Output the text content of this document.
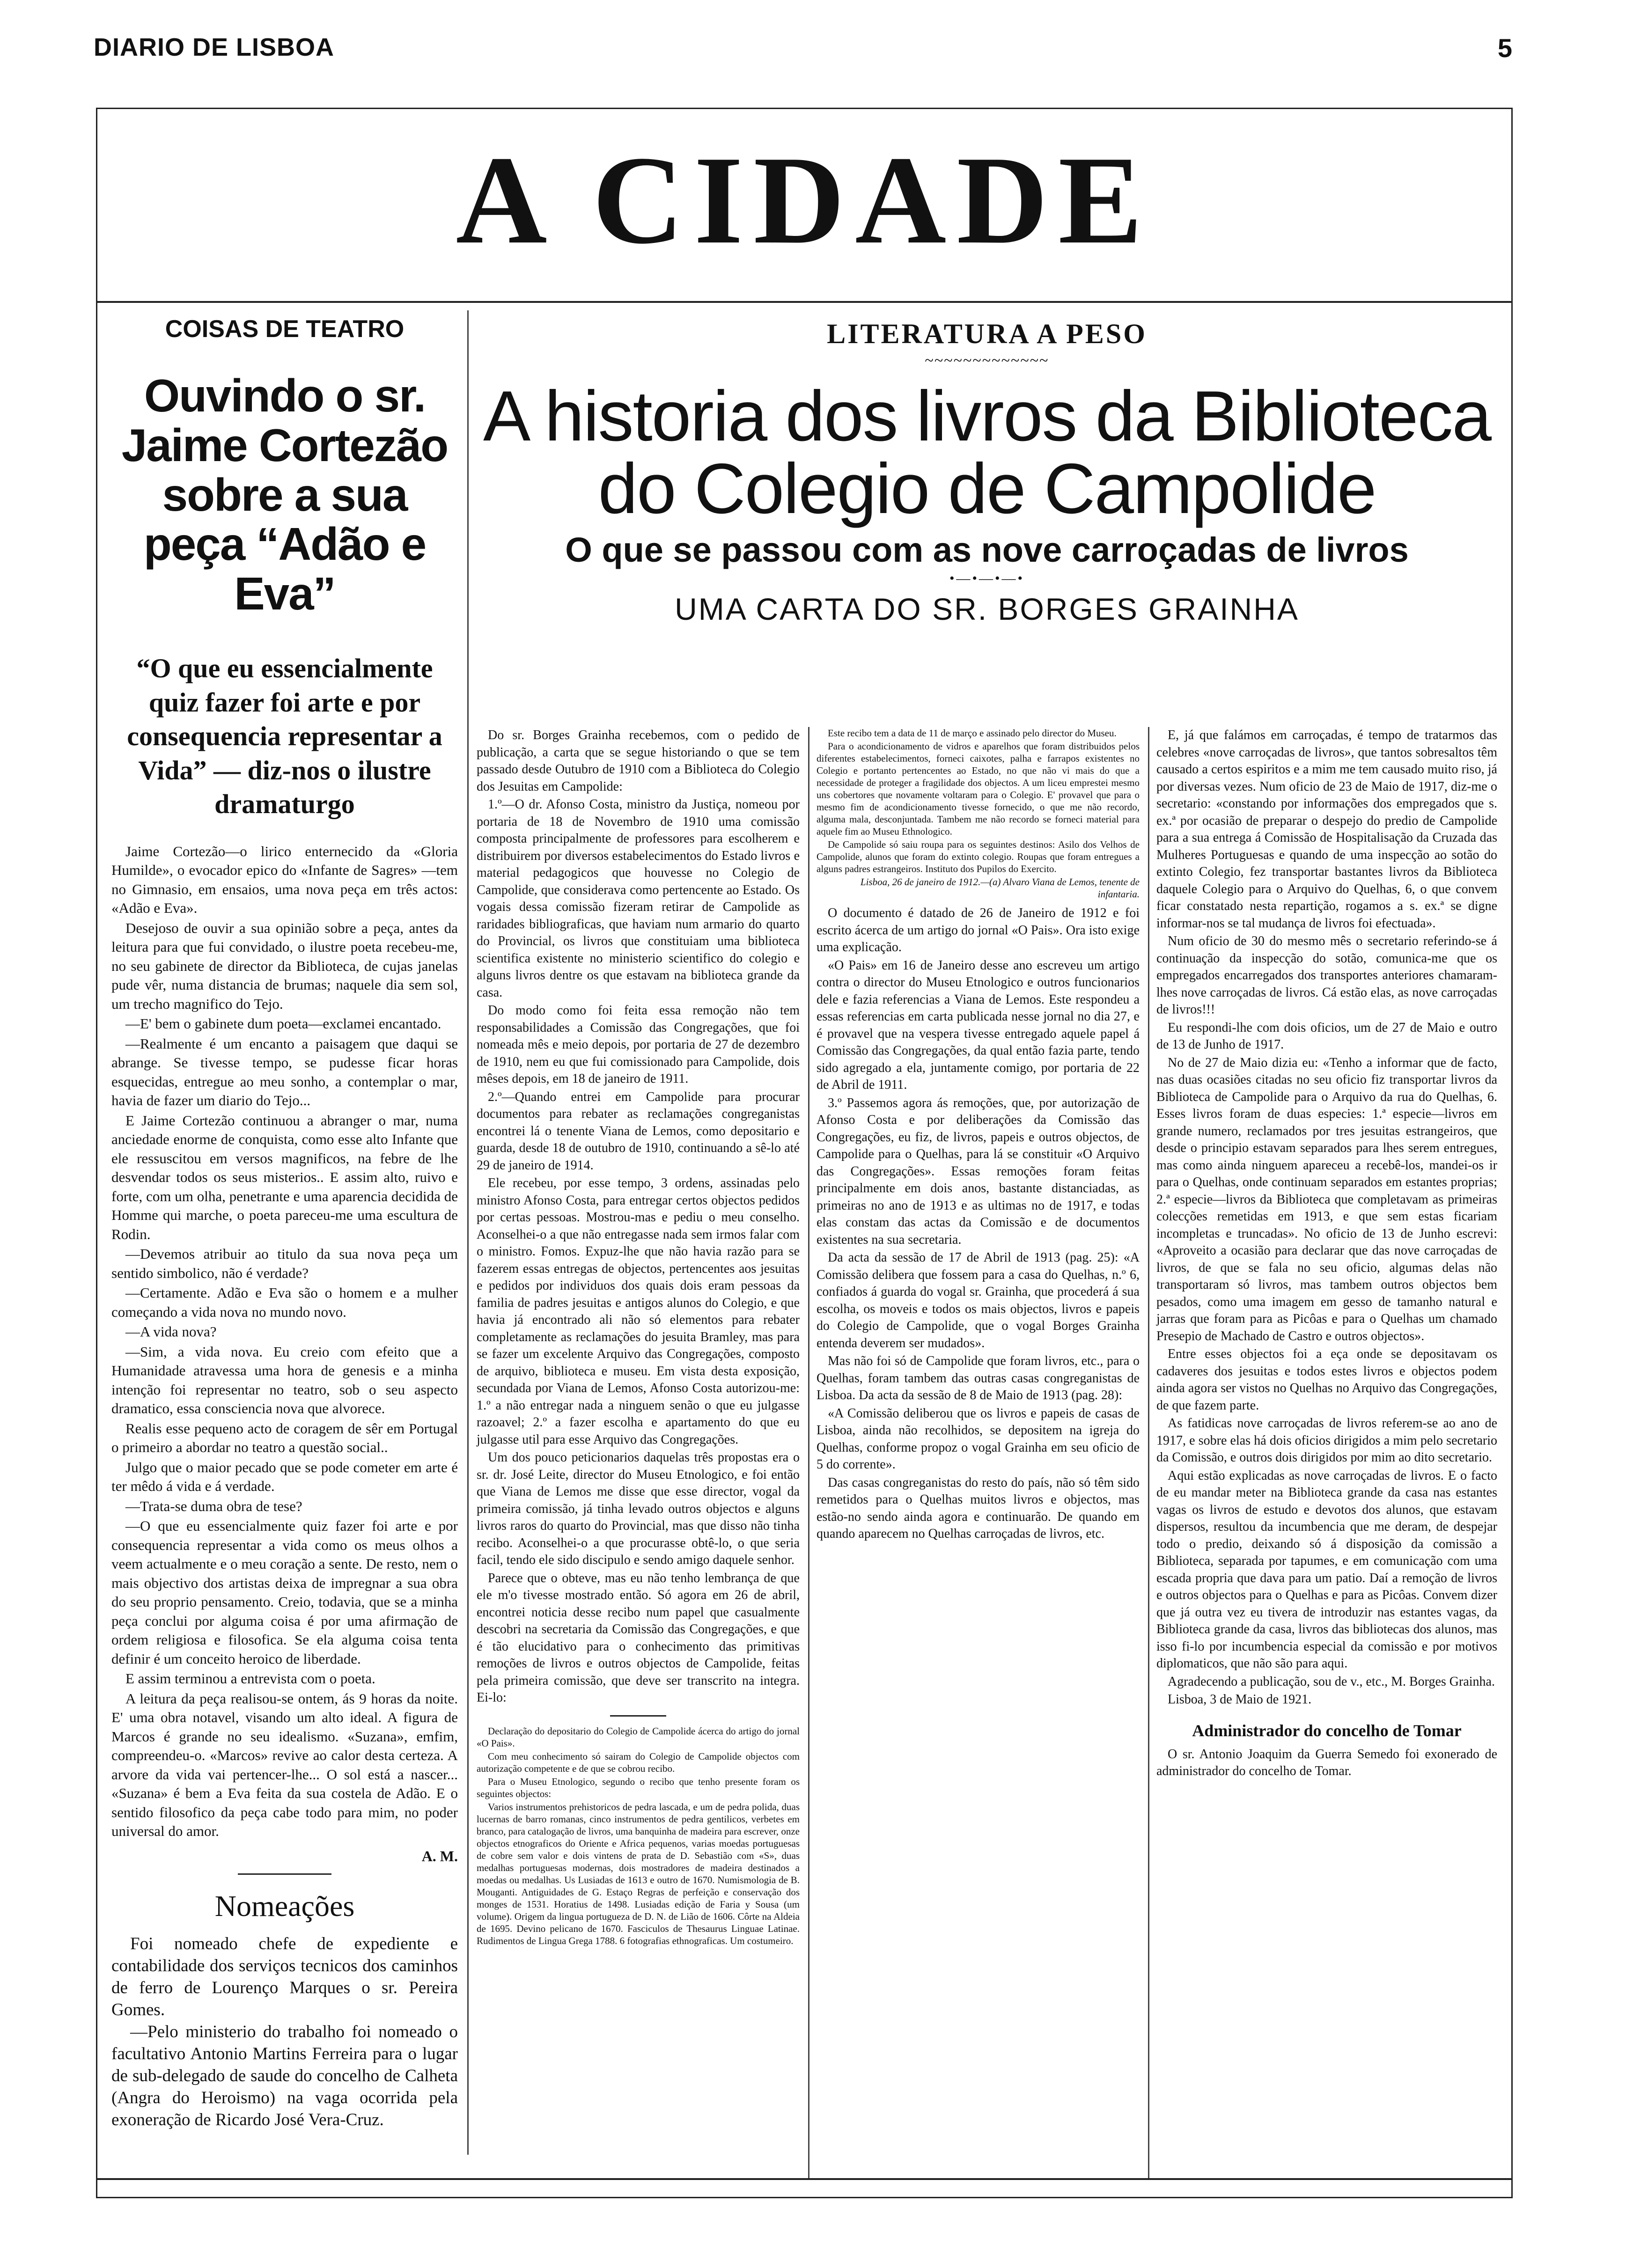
DIARIO DE LISBOA	5
A CIDADE
COISAS DE TEATRO
Ouvindo o sr. Jaime Cortezão sobre a sua peça “Adão e Eva”
“O que eu essencialmente quiz fazer foi arte e por consequencia representar a Vida” — diz-nos o ilustre dramaturgo

Jaime Cortezão—o lirico enternecido da «Gloria Humilde», o evocador epico do «Infante de Sagres» —tem no Gimnasio, em ensaios, uma nova peça em três actos: «Adão e Eva».

Desejoso de ouvir a sua opinião sobre a peça, antes da leitura para que fui convidado, o ilustre poeta recebeu-me, no seu gabinete de director da Biblioteca, de cujas janelas pude vêr, numa distancia de brumas; naquele dia sem sol, um trecho magnifico do Tejo.

—E' bem o gabinete dum poeta—exclamei encantado.

—Realmente é um encanto a paisagem que daqui se abrange. Se tivesse tempo, se pudesse ficar horas esquecidas, entregue ao meu sonho, a contemplar o mar, havia de fazer um diario do Tejo...

E Jaime Cortezão continuou a abranger o mar, numa anciedade enorme de conquista, como esse alto Infante que ele ressuscitou em versos magnificos, na febre de lhe desvendar todos os seus misterios.. E assim alto, ruivo e forte, com um olha, penetrante e uma aparencia decidida de Homme qui marche, o poeta pareceu-me uma escultura de Rodin.

—Devemos atribuir ao titulo da sua nova peça um sentido simbolico, não é verdade?

—Certamente. Adão e Eva são o homem e a mulher começando a vida nova no mundo novo.

—A vida nova?

—Sim, a vida nova. Eu creio com efeito que a Humanidade atravessa uma hora de genesis e a minha intenção foi representar no teatro, sob o seu aspecto dramatico, essa consciencia nova que alvorece.

Realis esse pequeno acto de coragem de sêr em Portugal o primeiro a abordar no teatro a questão social..

Julgo que o maior pecado que se pode cometer em arte é ter mêdo á vida e á verdade.

—Trata-se duma obra de tese?

—O que eu essencialmente quiz fazer foi arte e por consequencia representar a vida como os meus olhos a veem actualmente e o meu coração a sente. De resto, nem o mais objectivo dos artistas deixa de impregnar a sua obra do seu proprio pensamento. Creio, todavia, que se a minha peça conclui por alguma coisa é por uma afirmação de ordem religiosa e filosofica. Se ela alguma coisa tenta definir é um conceito heroico de liberdade.

E assim terminou a entrevista com o poeta.

A leitura da peça realisou-se ontem, ás 9 horas da noite. E' uma obra notavel, visando um alto ideal. A figura de Marcos é grande no seu idealismo. «Suzana», emfim, compreendeu-o. «Marcos» revive ao calor desta certeza. A arvore da vida vai pertencer-lhe... O sol está a nascer... «Suzana» é bem a Eva feita da sua costela de Adão. E o sentido filosofico da peça cabe todo para mim, no poder universal do amor.

A. M.
Nomeações

Foi nomeado chefe de expediente e contabilidade dos serviços tecnicos dos caminhos de ferro de Lourenço Marques o sr. Pereira Gomes.

—Pelo ministerio do trabalho foi nomeado o facultativo Antonio Martins Ferreira para o lugar de sub-delegado de saude do concelho de Calheta (Angra do Heroismo) na vaga ocorrida pela exoneração de Ricardo José Vera-Cruz.

LITERATURA A PESO
~~~~~~~~~~~~~
A historia dos livros da Biblioteca
do Colegio de Campolide
O que se passou com as nove carroçadas de livros
•—•—•—•
UMA CARTA DO SR. BORGES GRAINHA

Do sr. Borges Grainha recebemos, com o pedido de publicação, a carta que se segue historiando o que se tem passado desde Outubro de 1910 com a Biblioteca do Colegio dos Jesuitas em Campolide:

1.º—O dr. Afonso Costa, ministro da Justiça, nomeou por portaria de 18 de Novembro de 1910 uma comissão composta principalmente de professores para escolherem e distribuirem por diversos estabelecimentos do Estado livros e material pedagogicos que houvesse no Colegio de Campolide, que considerava como pertencente ao Estado. Os vogais dessa comissão fizeram retirar de Campolide as raridades bibliograficas, que haviam num armario do quarto do Provincial, os livros que constituiam uma biblioteca scientifica existente no ministerio scientifico do colegio e alguns livros dentre os que estavam na biblioteca grande da casa.

Do modo como foi feita essa remoção não tem responsabilidades a Comissão das Congregações, que foi nomeada mês e meio depois, por portaria de 27 de dezembro de 1910, nem eu que fui comissionado para Campolide, dois mêses depois, em 18 de janeiro de 1911.

2.º—Quando entrei em Campolide para procurar documentos para rebater as reclamações congreganistas encontrei lá o tenente Viana de Lemos, como depositario e guarda, desde 18 de outubro de 1910, continuando a sê-lo até 29 de janeiro de 1914.

Ele recebeu, por esse tempo, 3 ordens, assinadas pelo ministro Afonso Costa, para entregar certos objectos pedidos por certas pessoas. Mostrou-mas e pediu o meu conselho. Aconselhei-o a que não entregasse nada sem irmos falar com o ministro. Fomos. Expuz-lhe que não havia razão para se fazerem essas entregas de objectos, pertencentes aos jesuitas e pedidos por individuos dos quais dois eram pessoas da familia de padres jesuitas e antigos alunos do Colegio, e que havia já encontrado ali não só elementos para rebater completamente as reclamações do jesuita Bramley, mas para se fazer um excelente Arquivo das Congregações, composto de arquivo, biblioteca e museu. Em vista desta exposição, secundada por Viana de Lemos, Afonso Costa autorizou-me: 1.º a não entregar nada a ninguem senão o que eu julgasse razoavel; 2.º a fazer escolha e apartamento do que eu julgasse util para esse Arquivo das Congregações.

Um dos pouco peticionarios daquelas três propostas era o sr. dr. José Leite, director do Museu Etnologico, e foi então que Viana de Lemos me disse que esse director, vogal da primeira comissão, já tinha levado outros objectos e alguns livros raros do quarto do Provincial, mas que disso não tinha recibo. Aconselhei-o a que procurasse obtê-lo, o que seria facil, tendo ele sido discipulo e sendo amigo daquele senhor.

Parece que o obteve, mas eu não tenho lembrança de que ele m'o tivesse mostrado então. Só agora em 26 de abril, encontrei noticia desse recibo num papel que casualmente descobri na secretaria da Comissão das Congregações, e que é tão elucidativo para o conhecimento das primitivas remoções de livros e outros objectos de Campolide, feitas pela primeira comissão, que deve ser transcrito na integra. Ei-lo:

Declaração do depositario do Colegio de Campolide ácerca do artigo do jornal «O Pais».

Com meu conhecimento só sairam do Colegio de Campolide objectos com autorização competente e de que se cobrou recibo.

Para o Museu Etnologico, segundo o recibo que tenho presente foram os seguintes objectos:

Varios instrumentos prehistoricos de pedra lascada, e um de pedra polida, duas lucernas de barro romanas, cinco instrumentos de pedra gentilicos, verbetes em branco, para catalogação de livros, uma banquinha de madeira para escrever, onze objectos etnograficos do Oriente e Africa pequenos, varias moedas portuguesas de cobre sem valor e dois vintens de prata de D. Sebastião com «S», duas medalhas portuguesas modernas, dois mostradores de madeira destinados a moedas ou medalhas. Us Lusiadas de 1613 e outro de 1670. Numismologia de B. Mouganti. Antiguidades de G. Estaço Regras de perfeição e conservação dos monges de 1531. Horatius de 1498. Lusiadas edição de Faria y Sousa (um volume). Origem da lingua portugueza de D. N. de Lião de 1606. Côrte na Aldeia de 1695. Devino pelicano de 1670. Fasciculos de Thesaurus Linguae Latinae. Rudimentos de Lingua Grega 1788. 6 fotografias ethnograficas. Um costumeiro.

Este recibo tem a data de 11 de março e assinado pelo director do Museu.

Para o acondicionamento de vidros e aparelhos que foram distribuidos pelos diferentes estabelecimentos, forneci caixotes, palha e farrapos existentes no Colegio e portanto pertencentes ao Estado, no que não vi mais do que a necessidade de proteger a fragilidade dos objectos. A um liceu emprestei mesmo uns cobertores que novamente voltaram para o Colegio. E' provavel que para o mesmo fim de acondicionamento tivesse fornecido, o que me não recordo, alguma mala, desconjuntada. Tambem me não recordo se forneci material para aquele fim ao Museu Ethnologico.

De Campolide só saiu roupa para os seguintes destinos: Asilo dos Velhos de Campolide, alunos que foram do extinto colegio. Roupas que foram entregues a alguns padres estrangeiros. Instituto dos Pupilos do Exercito.

Lisboa, 26 de janeiro de 1912.—(a) Alvaro Viana de Lemos, tenente de infantaria.

O documento é datado de 26 de Janeiro de 1912 e foi escrito ácerca de um artigo do jornal «O Pais». Ora isto exige uma explicação.

«O Pais» em 16 de Janeiro desse ano escreveu um artigo contra o director do Museu Etnologico e outros funcionarios dele e fazia referencias a Viana de Lemos. Este respondeu a essas referencias em carta publicada nesse jornal no dia 27, e é provavel que na vespera tivesse entregado aquele papel á Comissão das Congregações, da qual então fazia parte, tendo sido agregado a ela, juntamente comigo, por portaria de 22 de Abril de 1911.

3.º Passemos agora ás remoções, que, por autorização de Afonso Costa e por deliberações da Comissão das Congregações, eu fiz, de livros, papeis e outros objectos, de Campolide para o Quelhas, para lá se constituir «O Arquivo das Congregações». Essas remoções foram feitas principalmente em dois anos, bastante distanciadas, as primeiras no ano de 1913 e as ultimas no de 1917, e todas elas constam das actas da Comissão e de documentos existentes na sua secretaria.

Da acta da sessão de 17 de Abril de 1913 (pag. 25): «A Comissão delibera que fossem para a casa do Quelhas, n.º 6, confiados á guarda do vogal sr. Grainha, que procederá á sua escolha, os moveis e todos os mais objectos, livros e papeis do Colegio de Campolide, que o vogal Borges Grainha entenda deverem ser mudados».

Mas não foi só de Campolide que foram livros, etc., para o Quelhas, foram tambem das outras casas congreganistas de Lisboa. Da acta da sessão de 8 de Maio de 1913 (pag. 28):

«A Comissão deliberou que os livros e papeis de casas de Lisboa, ainda não recolhidos, se depositem na igreja do Quelhas, conforme propoz o vogal Grainha em seu oficio de 5 do corrente».

Das casas congreganistas do resto do país, não só têm sido remetidos para o Quelhas muitos livros e objectos, mas estão-no sendo ainda agora e continuarão. De quando em quando aparecem no Quelhas carroçadas de livros, etc.

E, já que falámos em carroçadas, é tempo de tratarmos das celebres «nove carroçadas de livros», que tantos sobresaltos têm causado a certos espiritos e a mim me tem causado muito riso, já por diversas vezes. Num oficio de 23 de Maio de 1917, diz-me o secretario: «constando por informações dos empregados que s. ex.ª por ocasião de preparar o despejo do predio de Campolide para a sua entrega á Comissão de Hospitalisação da Cruzada das Mulheres Portuguesas e quando de uma inspecção ao sotão do extinto Colegio, fez transportar bastantes livros da Biblioteca daquele Colegio para o Arquivo do Quelhas, 6, o que convem ficar constatado nesta repartição, rogamos a s. ex.ª se digne informar-nos se tal mudança de livros foi efectuada».

Num oficio de 30 do mesmo mês o secretario referindo-se á continuação da inspecção do sotão, comunica-me que os empregados encarregados dos transportes anteriores chamaram-lhes nove carroçadas de livros. Cá estão elas, as nove carroçadas de livros!!!

Eu respondi-lhe com dois oficios, um de 27 de Maio e outro de 13 de Junho de 1917.

No de 27 de Maio dizia eu: «Tenho a informar que de facto, nas duas ocasiões citadas no seu oficio fiz transportar livros da Biblioteca de Campolide para o Arquivo da rua do Quelhas, 6. Esses livros foram de duas especies: 1.ª especie—livros em grande numero, reclamados por tres jesuitas estrangeiros, que desde o principio estavam separados para lhes serem entregues, mas como ainda ninguem apareceu a recebê-los, mandei-os ir para o Quelhas, onde continuam separados em estantes proprias; 2.ª especie—livros da Biblioteca que completavam as primeiras colecções remetidas em 1913, e que sem estas ficariam incompletas e truncadas». No oficio de 13 de Junho escrevi: «Aproveito a ocasião para declarar que das nove carroçadas de livros, de que se fala no seu oficio, algumas delas não transportaram só livros, mas tambem outros objectos bem pesados, como uma imagem em gesso de tamanho natural e jarras que foram para as Picôas e para o Quelhas um chamado Presepio de Machado de Castro e outros objectos».

Entre esses objectos foi a eça onde se depositavam os cadaveres dos jesuitas e todos estes livros e objectos podem ainda agora ser vistos no Quelhas no Arquivo das Congregações, de que fazem parte.

As fatidicas nove carroçadas de livros referem-se ao ano de 1917, e sobre elas há dois oficios dirigidos a mim pelo secretario da Comissão, e outros dois dirigidos por mim ao dito secretario.

Aqui estão explicadas as nove carroçadas de livros. E o facto de eu mandar meter na Biblioteca grande da casa nas estantes vagas os livros de estudo e devotos dos alunos, que estavam dispersos, resultou da incumbencia que me deram, de despejar todo o predio, deixando só á disposição da comissão a Biblioteca, separada por tapumes, e em comunicação com uma escada propria que dava para um patio. Daí a remoção de livros e outros objectos para o Quelhas e para as Picôas. Convem dizer que já outra vez eu tivera de introduzir nas estantes vagas, da Biblioteca grande da casa, livros das bibliotecas dos alunos, mas isso fi-lo por incumbencia especial da comissão e por motivos diplomaticos, que não são para aqui.

Agradecendo a publicação, sou de v., etc., M. Borges Grainha.

Lisboa, 3 de Maio de 1921.
Administrador do concelho de Tomar
O sr. Antonio Joaquim da Guerra Semedo foi exonerado de administrador do concelho de Tomar.
